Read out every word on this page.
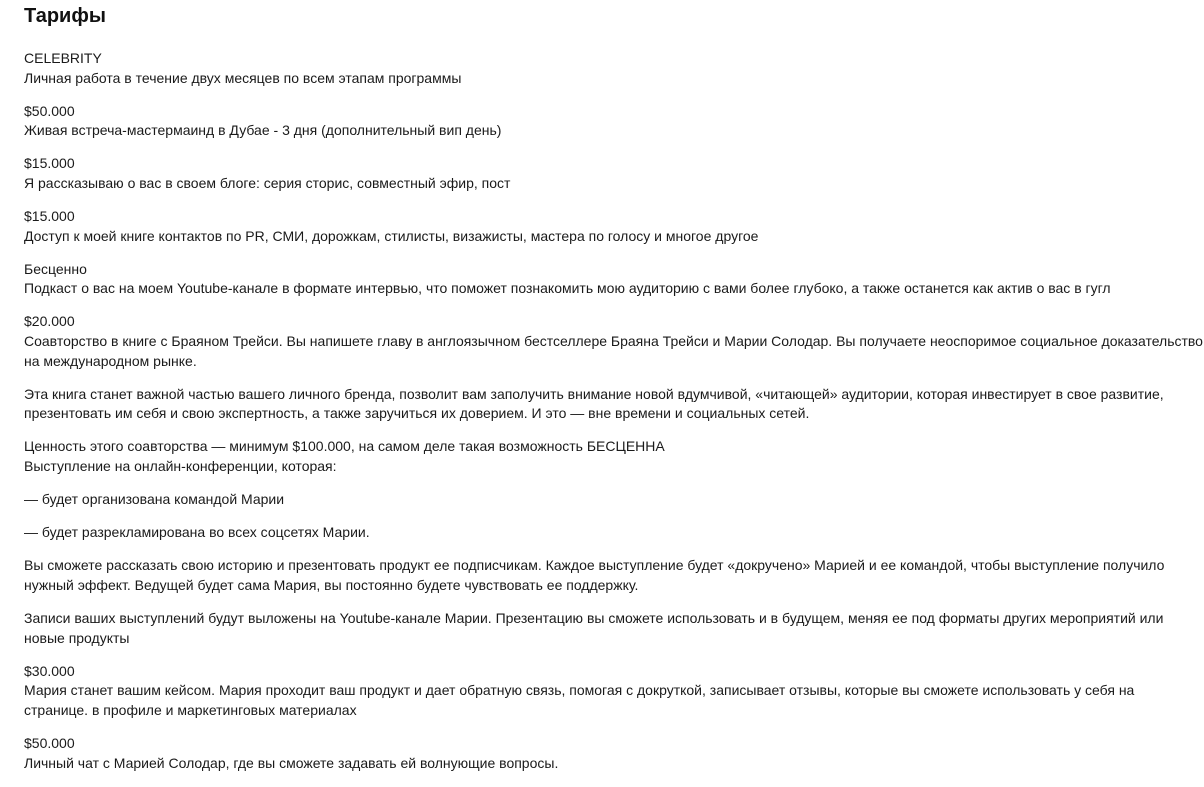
Тарифы

CELEBRITY
Личная работа в течение двух месяцев по всем этапам программы

$50.000
Живая встреча-мастермаинд в Дубае - 3 дня (дополнительный вип день)

$15.000
Я рассказываю о вас в своем блоге: серия сторис, совместный эфир, пост

$15.000
Доступ к моей книге контактов по PR, СМИ, дорожкам, стилисты, визажисты, мастера по голосу и многое другое

Бесценно
Подкаст о вас на моем Youtube-канале в формате интервью, что поможет познакомить мою аудиторию с вами более глубоко, а также останется как актив о вас в гугл

$20.000
Соавторство в книге с Браяном Трейси. Вы напишете главу в англоязычном бестселлере Браяна Трейси и Марии Солодар. Вы получаете неоспоримое социальное доказательство
на международном рынке.

Эта книга станет важной частью вашего личного бренда, позволит вам заполучить внимание новой вдумчивой, «читающей» аудитории, которая инвестирует в свое развитие,
презентовать им себя и свою экспертность, а также заручиться их доверием. И это — вне времени и социальных сетей.

Ценность этого соавторства — минимум $100.000, на самом деле такая возможность БЕСЦЕННА
Выступление на онлайн-конференции, которая:

— будет организована командой Марии

— будет разрекламирована во всех соцсетях Марии.

Вы сможете рассказать свою историю и презентовать продукт ее подписчикам. Каждое выступление будет «докручено» Марией и ее командой, чтобы выступление получило
нужный эффект. Ведущей будет сама Мария, вы постоянно будете чувствовать ее поддержку.

Записи ваших выступлений будут выложены на Youtube-канале Марии. Презентацию вы сможете использовать и в будущем, меняя ее под форматы других мероприятий или
новые продукты

$30.000
Мария станет вашим кейсом. Мария проходит ваш продукт и дает обратную связь, помогая с докруткой, записывает отзывы, которые вы сможете использовать у себя на
странице. в профиле и маркетинговых материалах

$50.000
Личный чат с Марией Солодар, где вы сможете задавать ей волнующие вопросы.
